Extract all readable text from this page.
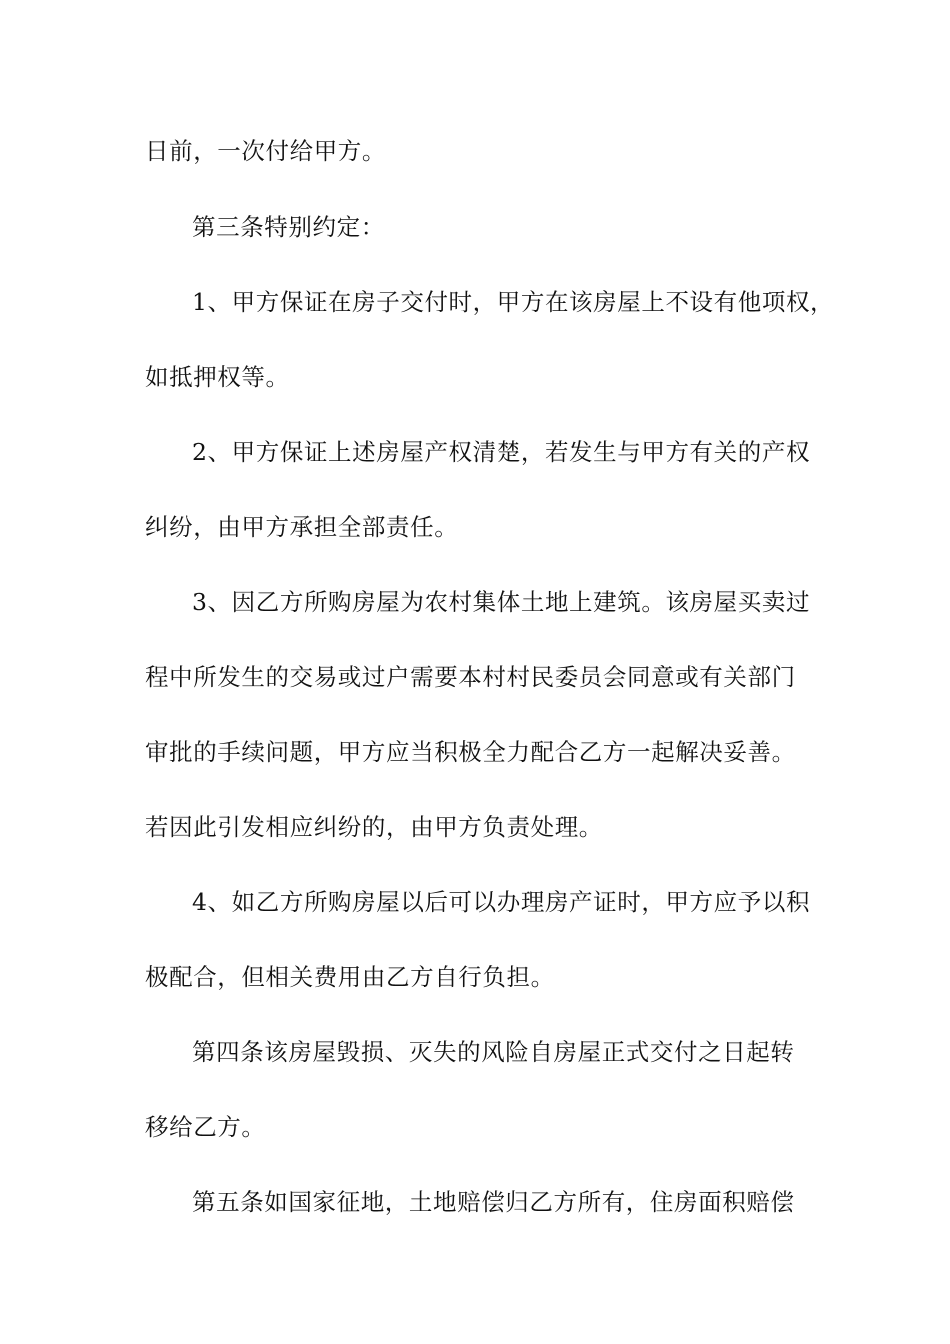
日前，一次付给甲方。
第三条特别约定：
1、甲方保证在房子交付时，甲方在该房屋上不设有他项权，
如抵押权等。
2、甲方保证上述房屋产权清楚，若发生与甲方有关的产权
纠纷，由甲方承担全部责任。
3、因乙方所购房屋为农村集体土地上建筑。该房屋买卖过
程中所发生的交易或过户需要本村村民委员会同意或有关部门
审批的手续问题，甲方应当积极全力配合乙方一起解决妥善。
若因此引发相应纠纷的，由甲方负责处理。
4、如乙方所购房屋以后可以办理房产证时，甲方应予以积
极配合，但相关费用由乙方自行负担。
第四条该房屋毁损、灭失的风险自房屋正式交付之日起转
移给乙方。
第五条如国家征地，土地赔偿归乙方所有，住房面积赔偿
